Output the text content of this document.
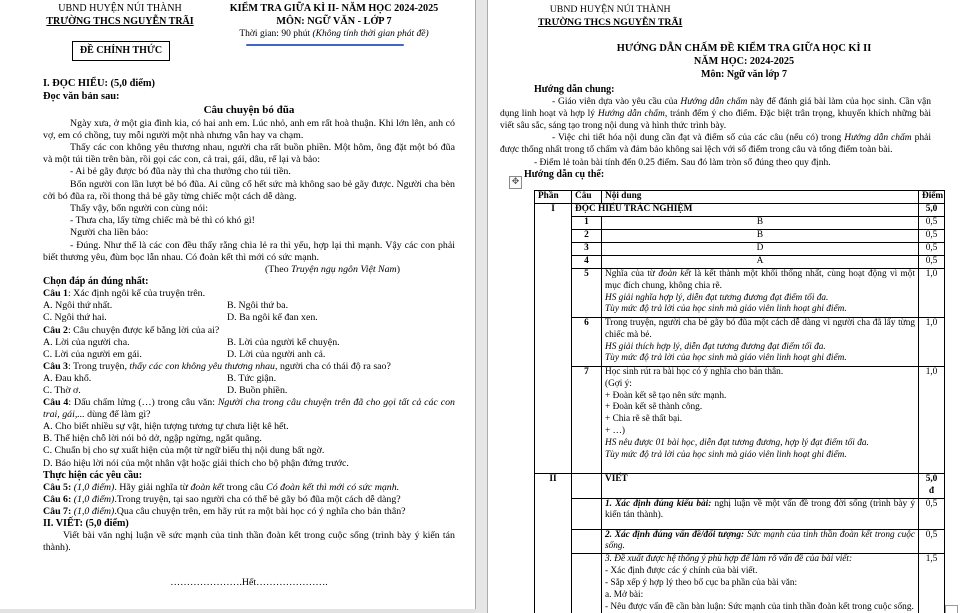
UBND HUYỆN NÚI THÀNH
TRƯỜNG THCS NGUYỄN TRÃI
KIỂM TRA GIỮA KÌ II- NĂM HỌC 2024-2025
MÔN: NGỮ VĂN - LỚP 7
Thời gian: 90 phút (Không tính thời gian phát đề)
ĐỀ CHÍNH THỨC
I. ĐỌC HIỂU: (5,0 điểm)
Đọc văn bản sau:
Câu chuyện bó đũa

Ngày xưa, ở một gia đình kia, có hai anh em. Lúc nhỏ, anh em rất hoà thuận. Khi lớn lên, anh có vợ, em có chồng, tuy mỗi người một nhà nhưng vẫn hay va chạm.

Thấy các con không yêu thương nhau, người cha rất buồn phiền. Một hôm, ông đặt một bó đũa và một túi tiền trên bàn, rồi gọi các con, cả trai, gái, dâu, rể lại và bảo:

- Ai bẻ gãy được bó đũa này thì cha thưởng cho túi tiền.

Bốn người con lần lượt bẻ bó đũa. Ai cũng cố hết sức mà không sao bẻ gãy được. Người cha bèn cởi bó đũa ra, rồi thong thả bẻ gãy từng chiếc một cách dễ dàng.

Thấy vậy, bốn người con cùng nói:

- Thưa cha, lấy từng chiếc mà bẻ thì có khó gì!

Người cha liền bảo:

- Đúng. Như thế là các con đều thấy rằng chia lẻ ra thì yếu, hợp lại thì mạnh. Vậy các con phải biết thương yêu, đùm bọc lẫn nhau. Có đoàn kết thì mới có sức mạnh.

(Theo Truyện ngụ ngôn Việt Nam)

Chọn đáp án đúng nhất:
Câu 1: Xác định ngôi kể của truyện trên.
A. Ngôi thứ nhất.	B. Ngôi thứ ba.
C. Ngôi thứ hai.	D. Ba ngôi kể đan xen.
Câu 2: Câu chuyện được kể bằng lời của ai?
A. Lời của người cha.	B. Lời của người kể chuyện.
C. Lời của người em gái.	D. Lời của người anh cả.
Câu 3: Trong truyện, thấy các con không yêu thương nhau, người cha có thái độ ra sao?
A. Đau khổ.	B. Tức giận.
C. Thờ ơ.	D. Buồn phiền.
Câu 4: Dấu chấm lửng (…) trong câu văn: Người cha trong câu chuyện trên đã cho gọi tất cả các con trai, gái,... dùng để làm gì?
A. Cho biết nhiều sự vật, hiện tượng tương tự chưa liệt kê hết.
B. Thể hiện chỗ lời nói bỏ dở, ngập ngừng, ngắt quãng.
C. Chuẩn bị cho sự xuất hiện của một từ ngữ biểu thị nội dung bất ngờ.
D. Báo hiệu lời nói của một nhân vật hoặc giải thích cho bộ phận đứng trước.
Thực hiện các yêu cầu:
Câu 5: (1,0 điểm). Hãy giải nghĩa từ đoàn kết trong câu Có đoàn kết thì mới có sức mạnh.
Câu 6: (1,0 điểm).Trong truyện, tại sao người cha có thể bẻ gãy bó đũa một cách dễ dàng?
Câu 7: (1,0 điểm).Qua câu chuyện trên, em hãy rút ra một bài học có ý nghĩa cho bản thân?
II. VIẾT: (5,0 điểm)

Viết bài văn nghị luận về sức mạnh của tinh thần đoàn kết trong cuộc sống (trình bày ý kiến tán thành).

………………….Hết………………….
UBND HUYỆN NÚI THÀNH
TRƯỜNG THCS NGUYỄN TRÃI
HƯỚNG DẪN CHẤM ĐỀ KIỂM TRA GIỮA HỌC KÌ II
NĂM HỌC: 2024-2025
Môn: Ngữ văn lớp 7
Hướng dẫn chung:

- Giáo viên dựa vào yêu cầu của Hướng dẫn chấm này để đánh giá bài làm của học sinh. Cần vận dụng linh hoạt và hợp lý Hướng dẫn chấm, tránh đếm ý cho điểm. Đặc biệt trân trọng, khuyến khích những bài viết sâu sắc, sáng tạo trong nội dung và hình thức trình bày.

- Việc chi tiết hóa nội dung cần đạt và điểm số của các câu (nếu có) trong Hướng dẫn chấm phải được thống nhất trong tổ chấm và đảm bảo không sai lệch với số điểm trong câu và tổng điểm toàn bài.

- Điểm lẻ toàn bài tính đến 0.25 điểm. Sau đó làm tròn số đúng theo quy định.

Hướng dẫn cụ thể:
✥
Phần	Câu	Nội dung	Điểm
I	ĐỌC HIỂU TRẮC NGHIỆM		5,0
	1	B	0,5
	2	B	0,5
	3	D	0,5
	4	A	0,5
	5	Nghĩa của từ đoàn kết là kết thành một khối thống nhất, cùng hoạt động vì một mục đích chung, không chia rẽ.
HS giải nghĩa hợp lý, diễn đạt tương đương đạt điểm tối đa.
Tùy mức độ trả lời của học sinh mà giáo viên linh hoạt ghi điểm.	1,0
	6	Trong truyện, người cha bẻ gãy bó đũa một cách dễ dàng vì người cha đã lấy từng chiếc mà bẻ.
HS giải thích hợp lý, diễn đạt tương đương đạt điểm tối đa.
Tùy mức độ trả lời của học sinh mà giáo viên linh hoạt ghi điểm.	1,0
7	Học sinh rút ra bài học có ý nghĩa cho bản thân.
(Gợi ý:
+ Đoàn kết sẽ tạo nên sức mạnh.
+ Đoàn kết sẽ thành công.
+ Chia rẽ sẽ thất bại.
+ …)
HS nêu được 01 bài học, diễn đạt tương đương, hợp lý đạt điểm tối đa.
Tùy mức độ trả lời của học sinh mà giáo viên linh hoạt ghi điểm.
	1,0
II		VIẾT	5,0 đ
		1. Xác định đúng kiểu bài: nghị luận về một vấn đề trong đời sống (trình bày ý kiến tán thành).	0,5
		2. Xác định đúng vấn đề/đối tượng: Sức mạnh của tinh thần đoàn kết trong cuộc sống.	0,5

		3. Đề xuất được hệ thống ý phù hợp để làm rõ vấn đề của bài viết:
- Xác định được các ý chính của bài viết.
- Sắp xếp ý hợp lý theo bố cục ba phần của bài văn:
a. Mở bài:
- Nêu được vấn đề cần bàn luận: Sức mạnh của tinh thần đoàn kết trong cuộc sống.	1,5
